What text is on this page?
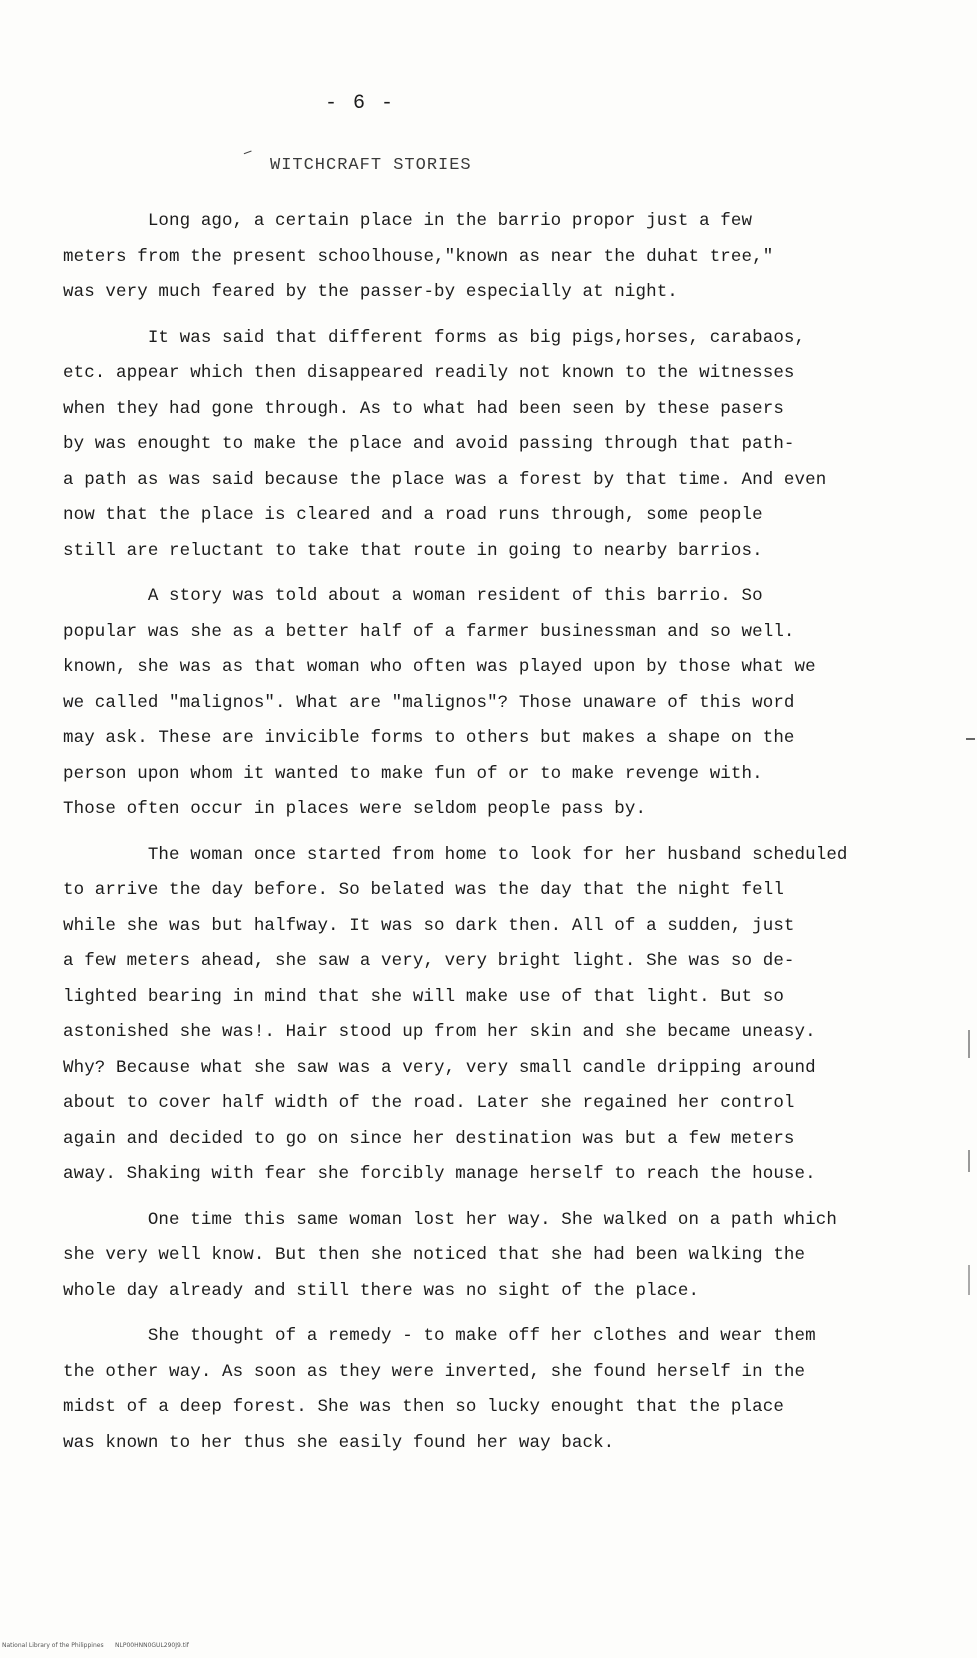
- 6 -
WITCHCRAFT STORIES
Long ago, a certain place in the barrio propor just a few
meters from the present schoolhouse,"known as near the duhat tree,"
was very much feared by the passer-by especially at night.
It was said that different forms as big pigs,horses, carabaos,
etc. appear which then disappeared readily not known to the witnesses
when they had gone through. As to what had been seen by these pasers
by was enought to make the place and avoid passing through that path-
a path as was said because the place was a forest by that time. And even
now that the place is cleared and a road runs through, some people
still are reluctant to take that route in going to nearby barrios.
A story was told about a woman resident of this barrio. So
popular was she as a better half of a farmer businessman and so well.
known, she was as that woman who often was played upon by those what we
we called "malignos". What are "malignos"? Those unaware of this word
may ask. These are invicible forms to others but makes a shape on the
person upon whom it wanted to make fun of or to make revenge with.
Those often occur in places were seldom people pass by.
The woman once started from home to look for her husband scheduled
to arrive the day before. So belated was the day that the night fell
while she was but halfway. It was so dark then. All of a sudden, just
a few meters ahead, she saw a very, very bright light. She was so de-
lighted bearing in mind that she will make use of that light. But so
astonished she was!. Hair stood up from her skin and she became uneasy.
Why? Because what she saw was a very, very small candle dripping around
about to cover half width of the road. Later she regained her control
again and decided to go on since her destination was but a few meters
away. Shaking with fear she forcibly manage herself to reach the house.
One time this same woman lost her way. She walked on a path which
she very well know. But then she noticed that she had been walking the
whole day already and still there was no sight of the place.
She thought of a remedy - to make off her clothes and wear them
the other way. As soon as they were inverted, she found herself in the
midst of a deep forest. She was then so lucky enought that the place
was known to her thus she easily found her way back.
National Library of the Philippines      NLP00HNN0GUL290J9.tif
